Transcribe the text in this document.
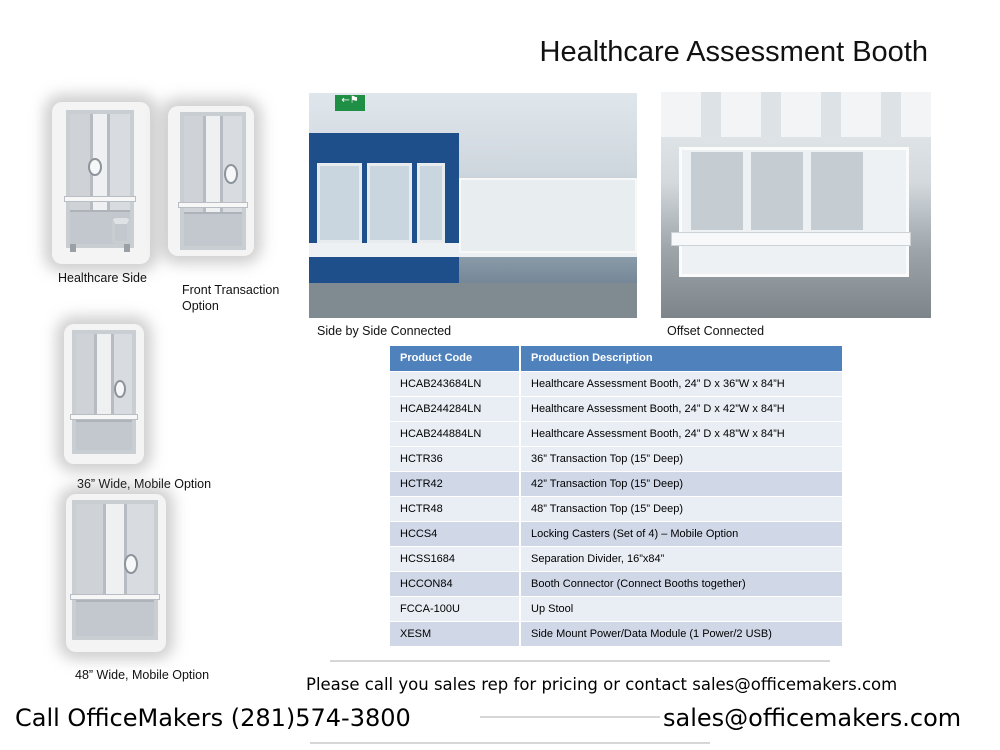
Healthcare Assessment Booth
Healthcare Side
Front Transaction
Option
36” Wide, Mobile Option
48” Wide, Mobile Option
←⚑
Side by Side Connected	Offset Connected
Product Code	Production Description
HCAB243684LN	Healthcare Assessment Booth, 24” D x 36”W x 84”H
HCAB244284LN	Healthcare Assessment Booth, 24” D x 42”W x 84”H
HCAB244884LN	Healthcare Assessment Booth, 24” D x 48”W x 84”H
HCTR36	36” Transaction Top (15” Deep)
HCTR42	42” Transaction Top (15” Deep)
HCTR48	48” Transaction Top (15” Deep)
HCCS4	Locking Casters (Set of 4) – Mobile Option
HCSS1684	Separation Divider, 16”x84”
HCCON84	Booth Connector (Connect Booths together)
FCCA-100U	Up Stool
XESM	Side Mount Power/Data Module (1 Power/2 USB)
Please call you sales rep for pricing or contact sales@officemakers.com
Call OfficeMakers (281)574-3800	sales@officemakers.com
